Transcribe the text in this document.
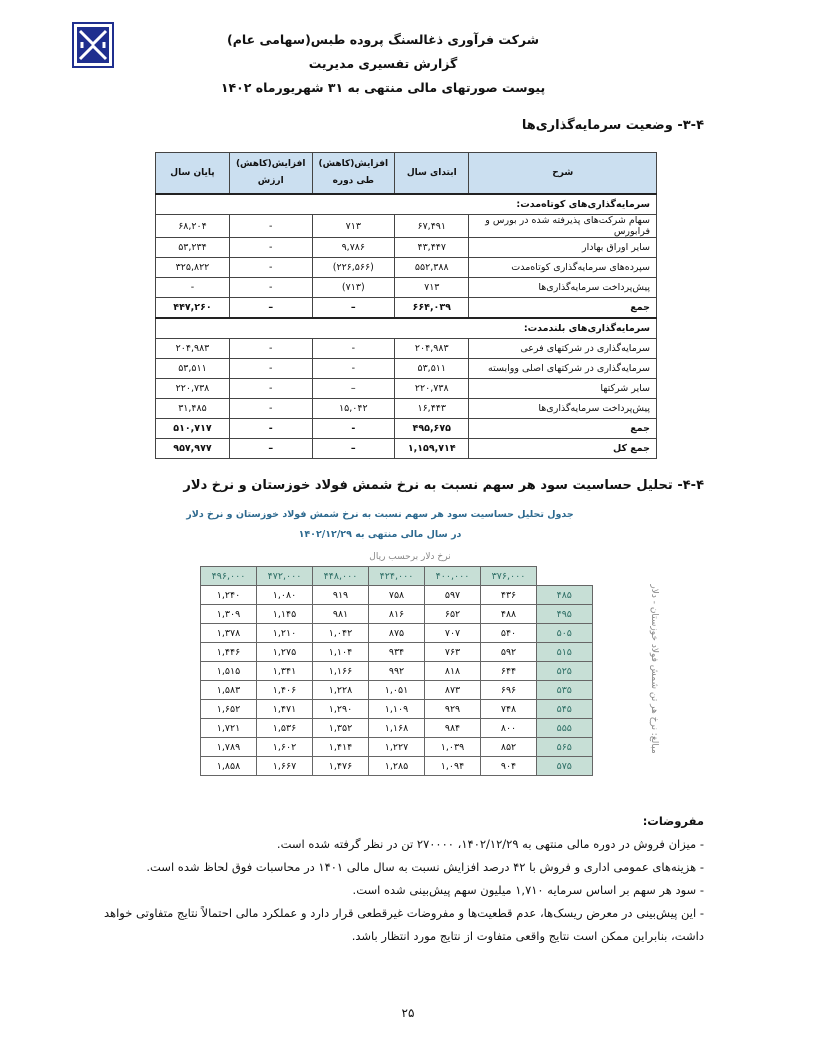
شرکت فرآوری ذغالسنگ پروده طبس(سهامی عام)
گزارش تفسیری مدیریت
پیوست صورتهای مالی منتهی به ۳۱ شهریورماه ۱۴۰۲
۳-۴- وضعیت سرمایه‌گذاری‌ها
شرح	ابتدای سال	افزایش(کاهش) طی دوره	افزایش(کاهش) ارزش	پایان سال
سرمایه‌گذاری‌های کوتاه‌مدت:				
سهام شرکت‌های پذیرفته شده در بورس و فرابورس	۶۷,۴۹۱	۷۱۳	-	۶۸,۲۰۴
سایر اوراق بهادار	۴۳,۴۴۷	۹,۷۸۶	-	۵۳,۲۳۴
سپرده‌های سرمایه‌گذاری کوتاه‌مدت	۵۵۲,۳۸۸	(۲۲۶,۵۶۶)	-	۳۲۵,۸۲۲
پیش‌پرداخت سرمایه‌گذاری‌ها	۷۱۳	(۷۱۳)	-	-
جمع	۶۶۴,۰۳۹	–	–	۴۴۷,۲۶۰
سرمایه‌گذاری‌های بلندمدت:				
سرمایه‌گذاری در شرکتهای فرعی	۲۰۴,۹۸۳	-	-	۲۰۴,۹۸۳
سرمایه‌گذاری در شرکتهای اصلی ووابسته	۵۳,۵۱۱	-	-	۵۳,۵۱۱
سایر شرکتها	۲۲۰,۷۳۸	–	-	۲۲۰,۷۳۸
پیش‌پرداخت سرمایه‌گذاری‌ها	۱۶,۴۴۳	۱۵,۰۴۲	-	۳۱,۴۸۵
جمع	۴۹۵,۶۷۵	-	-	۵۱۰,۷۱۷
جمع کل	۱,۱۵۹,۷۱۴	–	–	۹۵۷,۹۷۷
۴-۴- تحلیل حساسیت سود هر سهم نسبت به نرخ شمش فولاد خوزستان و نرخ دلار
جدول تحلیل حساسیت سود هر سهم نسبت به نرخ شمش فولاد خوزستان و نرخ دلار
در سال مالی منتهی به ۱۴۰۲/۱۲/۲۹
نرخ دلار برحسب ریال
	۳۷۶,۰۰۰	۴۰۰,۰۰۰	۴۲۴,۰۰۰	۴۴۸,۰۰۰	۴۷۲,۰۰۰	۴۹۶,۰۰۰
۴۸۵	۴۳۶	۵۹۷	۷۵۸	۹۱۹	۱,۰۸۰	۱,۲۴۰
۴۹۵	۴۸۸	۶۵۲	۸۱۶	۹۸۱	۱,۱۴۵	۱,۳۰۹
۵۰۵	۵۴۰	۷۰۷	۸۷۵	۱,۰۴۲	۱,۲۱۰	۱,۳۷۸
۵۱۵	۵۹۲	۷۶۳	۹۳۴	۱,۱۰۴	۱,۲۷۵	۱,۴۴۶
۵۲۵	۶۴۴	۸۱۸	۹۹۲	۱,۱۶۶	۱,۳۴۱	۱,۵۱۵
۵۳۵	۶۹۶	۸۷۳	۱,۰۵۱	۱,۲۲۸	۱,۴۰۶	۱,۵۸۳
۵۴۵	۷۴۸	۹۲۹	۱,۱۰۹	۱,۲۹۰	۱,۴۷۱	۱,۶۵۲
۵۵۵	۸۰۰	۹۸۴	۱,۱۶۸	۱,۳۵۲	۱,۵۳۶	۱,۷۲۱
۵۶۵	۸۵۲	۱,۰۳۹	۱,۲۲۷	۱,۴۱۴	۱,۶۰۲	۱,۷۸۹
۵۷۵	۹۰۴	۱,۰۹۴	۱,۲۸۵	۱,۴۷۶	۱,۶۶۷	۱,۸۵۸
مبالغ: نرخ هر تن شمش فولاد خوزستان - دلار
مفروضات:
- میزان فروش در دوره مالی منتهی به ۱۴۰۲/۱۲/۲۹، ۲۷۰۰۰۰ تن در نظر گرفته شده است.
- هزینه‌های عمومی اداری و فروش با ۴۲ درصد افزایش نسبت به سال مالی ۱۴۰۱ در محاسبات فوق لحاظ شده است.
- سود هر سهم بر اساس سرمایه ۱,۷۱۰ میلیون سهم پیش‌بینی شده است.
- این پیش‌بینی در معرض ریسک‌ها، عدم قطعیت‌ها و مفروضات غیرقطعی قرار دارد و عملکرد مالی احتمالاً نتایج متفاوتی خواهد داشت، بنابراین ممکن است نتایج واقعی متفاوت از نتایج مورد انتظار باشد.
۲۵
